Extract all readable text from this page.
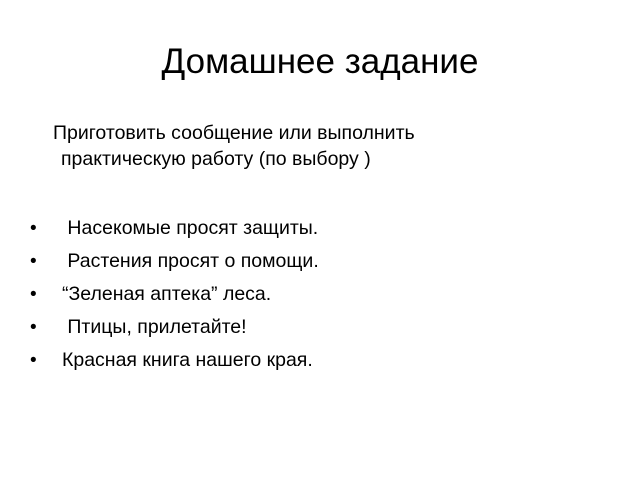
Домашнее задание
Приготовить сообщение или выполнить
практическую работу (по выбору )
•	Насекомые просят защиты.
•	Растения просят о помощи.
•	“Зеленая аптека” леса.
•	Птицы, прилетайте!
•	Красная книга нашего края.
